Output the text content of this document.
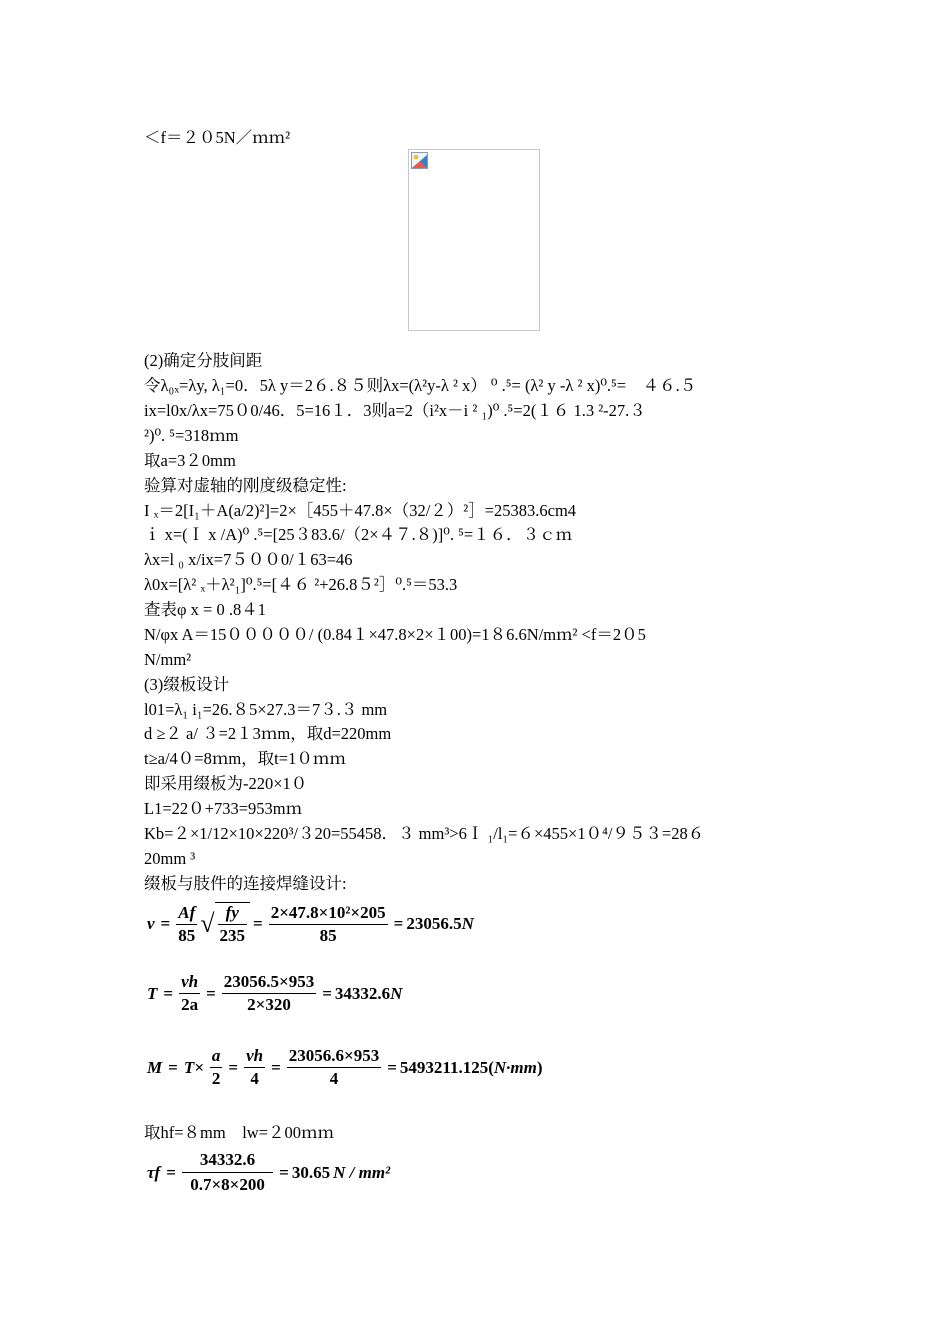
＜f＝２０5N／ｍｍ²
(2)确定分肢间距
令λ₀ₓ=λy, λ₁=0．5λ y＝2６.８５则λx=(λ²y-λ ² x） ⁰ .⁵= (λ² y -λ ² x)⁰.⁵=　４６.５
ix=l0x/λx=75０0/46．5=16１．3则a=2（i²x－i ² ₁)⁰ .⁵=2(１６ 1.3 ²-27.３
²)⁰. ⁵=318ｍm
取a=3２0mm
验算对虚轴的刚度级稳定性:
I ₓ＝2[I₁＋A(a/2)²]=2×［455＋47.8×（32/２）²］=25383.6cm4
ｉ x=(Ｉ x /A)⁰ .⁵=[25３83.6/（2×４７.８)]⁰. ⁵=１６．３ｃｍ
λx=l ₀ x/ix=7５００0/１63=46
λ0x=[λ² ₓ＋λ²₁]⁰.⁵=[４６ ²+26.8５²］⁰.⁵＝53.3
查表φ x = 0 .8４1
N/φx A＝15０００００/ (0.84１×47.8×2×１00)=1８6.6N/mｍ² <f＝2０5
N/mm²
(3)缀板设计
l01=λ₁ i₁=26.８5×27.3＝7３.３ mm
d ≥２ a/ ３=2１3ｍm，取d=220mm
t≥a/4０=8ｍm，取t=1０ｍｍ
即采用缀板为-220×1０
L1=22０+733=953mｍ
Kb=２×1/12×10×220³/３20=55458．３ mm³>6Ｉ ₁/l₁=６×455×1０⁴/９５３=28６
20mm ³
缀板与肢件的连接焊缝设计:
$v = \frac{Af}{85}$ √ $\frac{fy}{235} = \frac{\text{2×47.8×10²×205}}{85} = 23056.5N$
$T = \frac{vh}{2a} = \frac{23056.5\times 953}{2\times 320} = 34332.6N$
$M = T\times \frac{a}{2} = \frac{vh}{4} = \frac{23056.6\times 953}{4} = 5493211.125(N\cdot mm)$
取hf=８mm　lw=２00ｍｍ
$\tau f = \frac{34332.6}{0.7\times 8\times 200} = 30.65$ N / mm²
